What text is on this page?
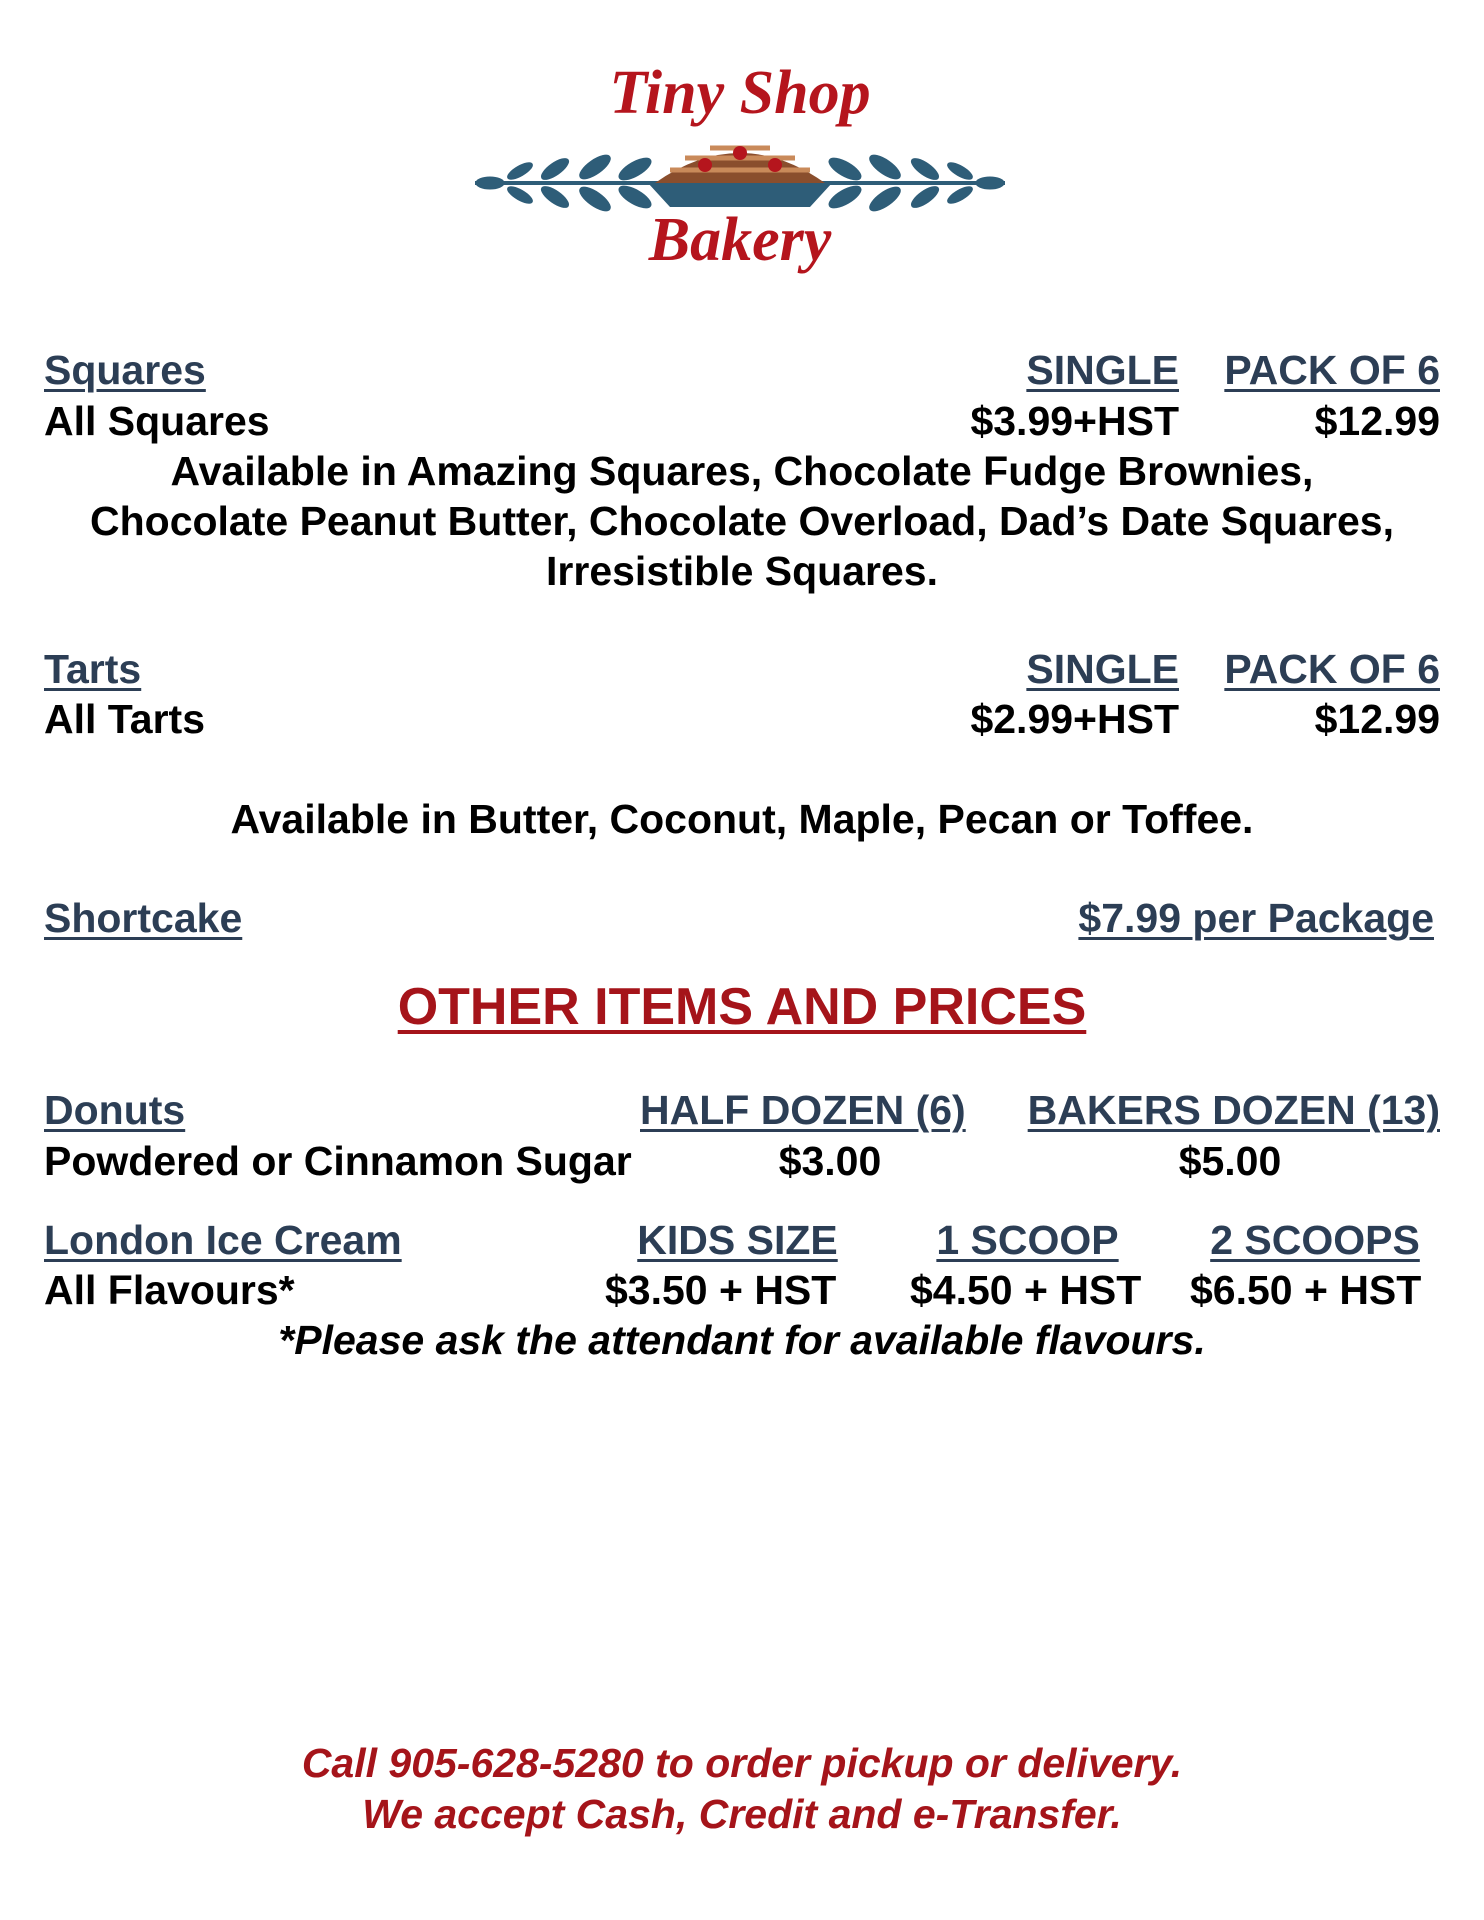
Tiny Shop
Bakery
Squares	SINGLE PACK OF 6
All Squares	$3.99+HST	$12.99
Available in Amazing Squares, Chocolate Fudge Brownies,
Chocolate Peanut Butter, Chocolate Overload, Dad’s Date Squares,
Irresistible Squares.
Tarts	SINGLE PACK OF 6
All Tarts	$2.99+HST	$12.99
Available in Butter, Coconut, Maple, Pecan or Toffee.
Shortcake	$7.99 per Package
OTHER ITEMS AND PRICES
Donuts	HALF DOZEN (6) BAKERS DOZEN (13)
Powdered or Cinnamon Sugar	$3.00	$5.00
London Ice Cream	KIDS SIZE	1 SCOOP	2 SCOOPS
All Flavours*	$3.50 + HST $4.50 + HST $6.50 + HST
*Please ask the attendant for available flavours.
Call 905-628-5280 to order pickup or delivery.
We accept Cash, Credit and e-Transfer.
